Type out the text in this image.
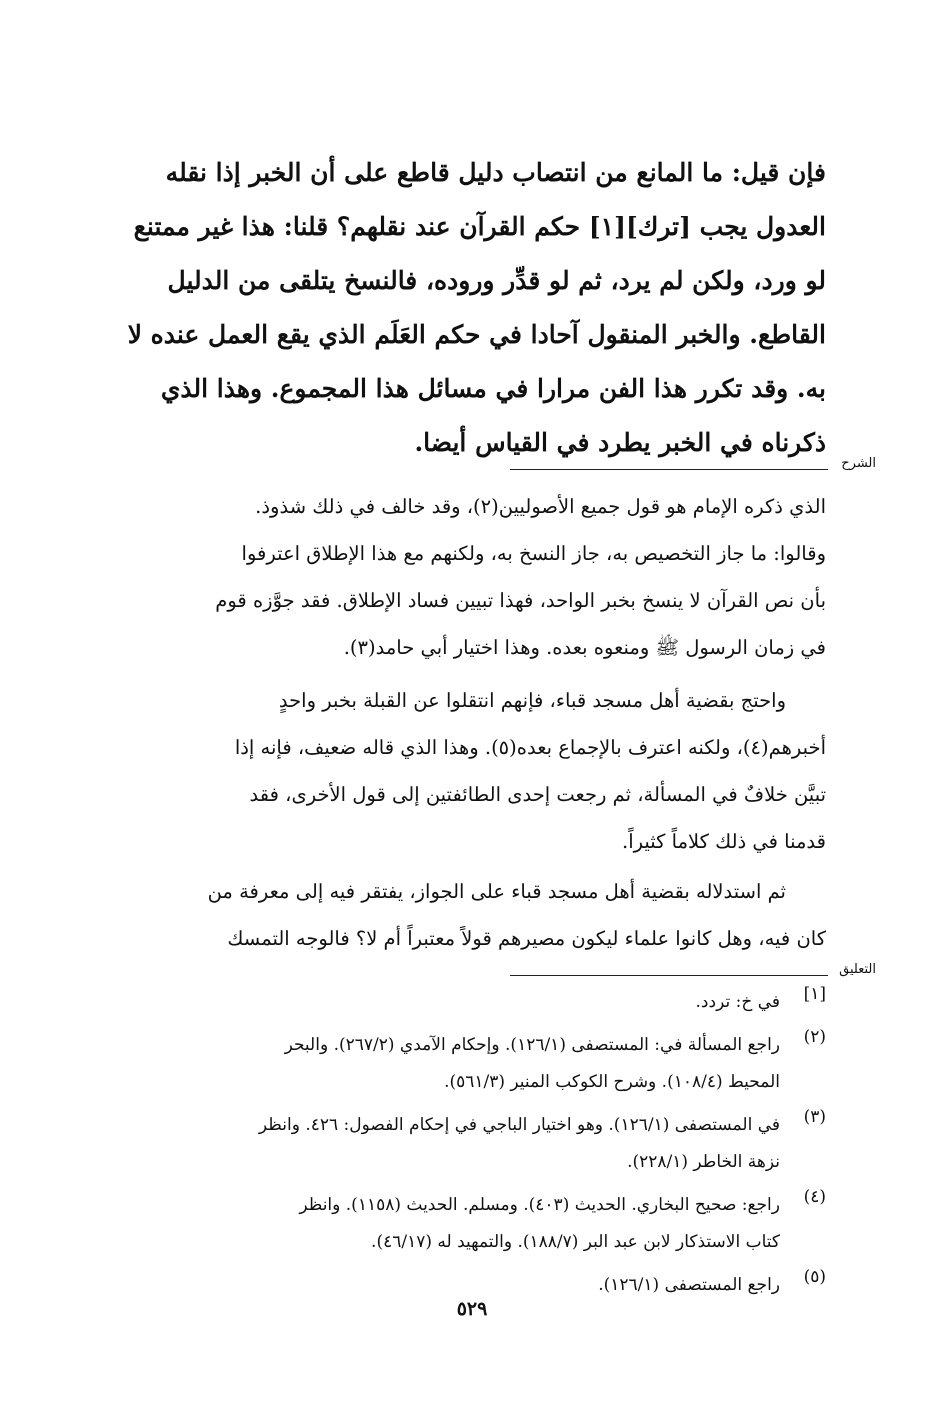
فإن قيل: ما المانع من انتصاب دليل قاطع على أن الخبر إذا نقله
العدول يجب [ترك][١] حكم القرآن عند نقلهم؟ قلنا: هذا غير ممتنع
لو ورد، ولكن لم يرد، ثم لو قدِّر وروده، فالنسخ يتلقى من الدليل
القاطع. والخبر المنقول آحادا في حكم العَلَم الذي يقع العمل عنده لا
به. وقد تكرر هذا الفن مرارا في مسائل هذا المجموع. وهذا الذي
ذكرناه في الخبر يطرد في القياس أيضا.
الشرح
الذي ذكره الإمام هو قول جميع الأصوليين(٢)، وقد خالف في ذلك شذوذ.
وقالوا: ما جاز التخصيص به، جاز النسخ به، ولكنهم مع هذا الإطلاق اعترفوا
بأن نص القرآن لا ينسخ بخبر الواحد، فهذا تبيين فساد الإطلاق. فقد جوَّزه قوم
في زمان الرسول ﷺ ومنعوه بعده. وهذا اختيار أبي حامد(٣).
واحتج بقضية أهل مسجد قباء، فإنهم انتقلوا عن القبلة بخبر واحدٍ
أخبرهم(٤)، ولكنه اعترف بالإجماع بعده(٥). وهذا الذي قاله ضعيف، فإنه إذا
تبيَّن خلافٌ في المسألة، ثم رجعت إحدى الطائفتين إلى قول الأخرى، فقد
قدمنا في ذلك كلاماً كثيراً.
ثم استدلاله بقضية أهل مسجد قباء على الجواز، يفتقر فيه إلى معرفة من
كان فيه، وهل كانوا علماء ليكون مصيرهم قولاً معتبراً أم لا؟ فالوجه التمسك
التعليق
[١]
في خ: تردد.
(٢)
راجع المسألة في: المستصفى (١٢٦/١). وإحكام الآمدي (٢٦٧/٢). والبحر
المحيط (١٠٨/٤). وشرح الكوكب المنير (٥٦١/٣).
(٣)
في المستصفى (١٢٦/١). وهو اختيار الباجي في إحكام الفصول: ٤٢٦. وانظر
نزهة الخاطر (٢٢٨/١).
(٤)
راجع: صحيح البخاري. الحديث (٤٠٣). ومسلم. الحديث (١١٥٨). وانظر
كتاب الاستذكار لابن عبد البر (١٨٨/٧). والتمهيد له (٤٦/١٧).
(٥)
راجع المستصفى (١٢٦/١).
٥٢٩
